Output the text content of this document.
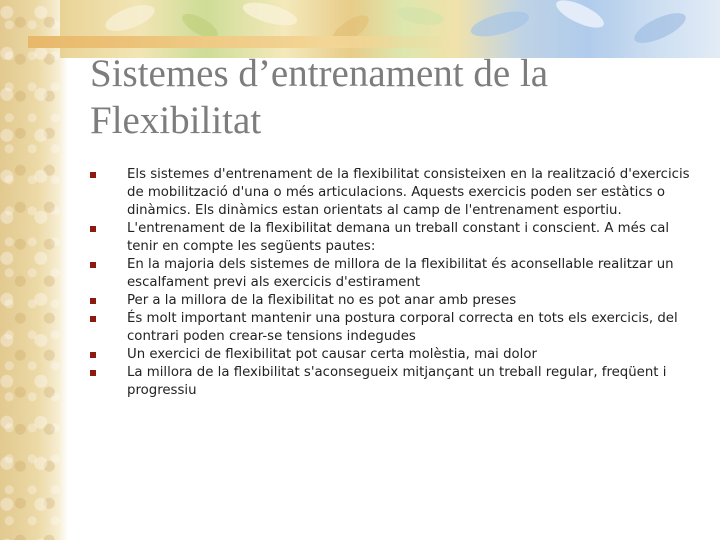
Sistemes d’entrenament de la Flexibilitat
Els sistemes d'entrenament de la flexibilitat consisteixen en la realització d'exercicis de mobilització d'una o més articulacions. Aquests exercicis poden ser estàtics o dinàmics. Els dinàmics estan orientats al camp de l'entrenament esportiu.
L'entrenament de la flexibilitat demana un treball constant i conscient. A més cal tenir en compte les següents pautes:
En la majoria dels sistemes de millora de la flexibilitat és aconsellable realitzar un escalfament previ als exercicis d'estirament
Per a la millora de la flexibilitat no es pot anar amb preses
És molt important mantenir una postura corporal correcta en tots els exercicis, del contrari poden crear-se tensions indegudes
Un exercici de flexibilitat pot causar certa molèstia, mai dolor
La millora de la flexibilitat s'aconsegueix mitjançant un treball regular, freqüent i progressiu
